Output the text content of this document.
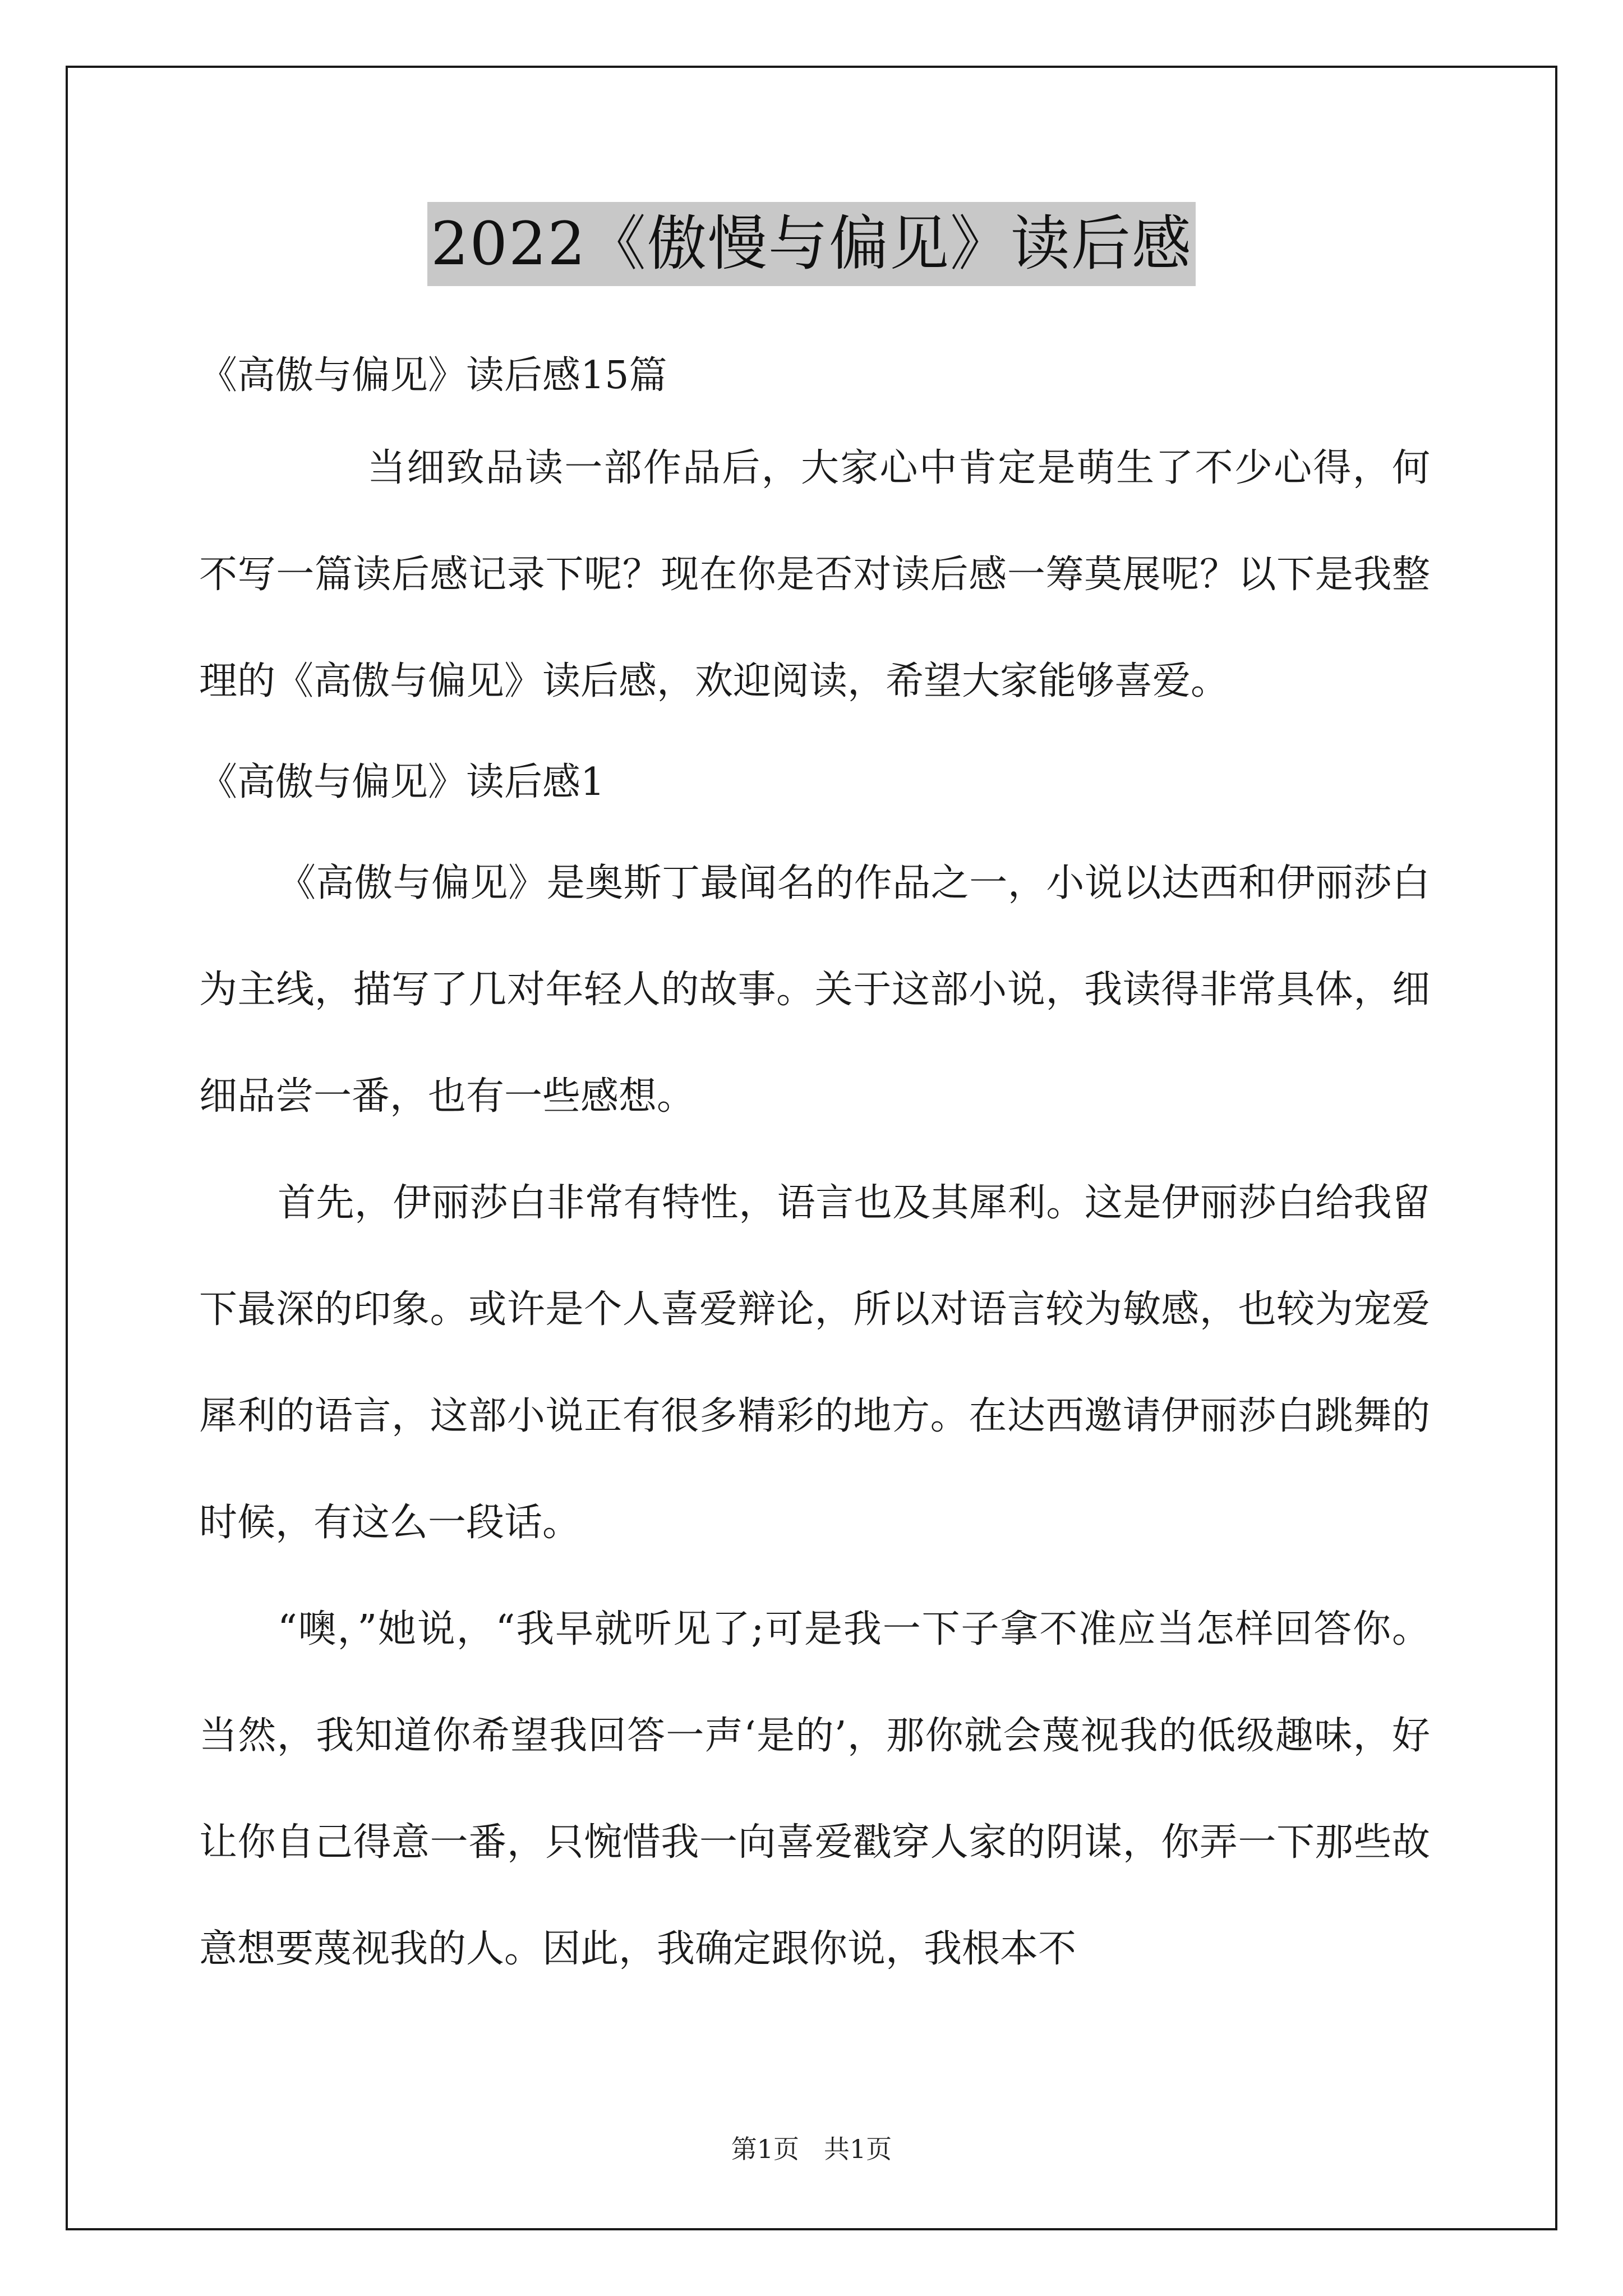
2022《傲慢与偏见》读后感

《高傲与偏见》读后感15篇

当细致品读一部作品后，大家心中肯定是萌生了不少心得，何不写一篇读后感记录下呢？现在你是否对读后感一筹莫展呢？以下是我整理的《高傲与偏见》读后感，欢迎阅读，希望大家能够喜爱。

《高傲与偏见》读后感1

《高傲与偏见》是奥斯丁最闻名的作品之一，小说以达西和伊丽莎白为主线，描写了几对年轻人的故事。关于这部小说，我读得非常具体，细细品尝一番，也有一些感想。

首先，伊丽莎白非常有特性，语言也及其犀利。这是伊丽莎白给我留下最深的印象。或许是个人喜爱辩论，所以对语言较为敏感，也较为宠爱犀利的语言，这部小说正有很多精彩的地方。在达西邀请伊丽莎白跳舞的时候，有这么一段话。

“噢，”她说，“我早就听见了;可是我一下子拿不准应当怎样回答你。当然，我知道你希望我回答一声‘是的’，那你就会蔑视我的低级趣味，好让你自己得意一番，只惋惜我一向喜爱戳穿人家的阴谋，你弄一下那些故意想要蔑视我的人。因此，我确定跟你说，我根本不

第1页 共1页
